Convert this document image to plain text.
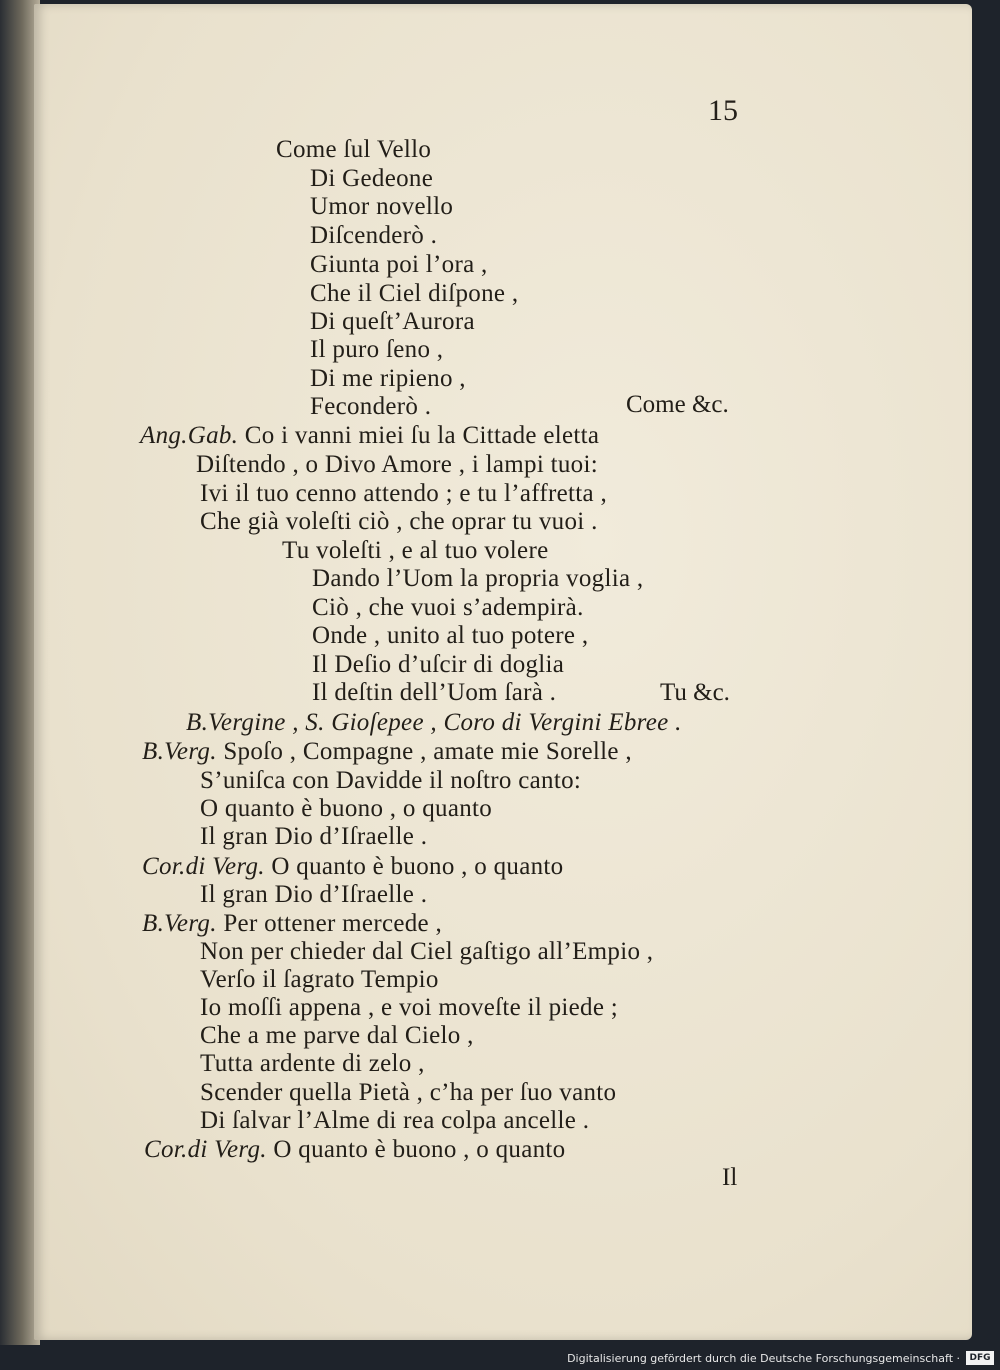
15
Come ſul Vello
Di Gedeone
Umor novello
Diſcenderò .
Giunta poi l’ora ,
Che il Ciel diſpone ,
Di queſt’Aurora
Il puro ſeno ,
Di me ripieno ,
Feconderò .	Come &c.
Ang.Gab. Co i vanni miei ſu la Cittade eletta
Diſtendo , o Divo Amore , i lampi tuoi:
Ivi il tuo cenno attendo ; e tu l’affretta ,
Che già voleſti ciò , che oprar tu vuoi .
Tu voleſti , e al tuo volere
Dando l’Uom la propria voglia ,
Ciò , che vuoi s’adempirà.
Onde , unito al tuo potere ,
Il Deſio d’uſcir di doglia
Il deſtin dell’Uom ſarà .	Tu &c.
B.Vergine , S. Gioſepee , Coro di Vergini Ebree .
B.Verg. Spoſo , Compagne , amate mie Sorelle ,
S’uniſca con Davidde il noſtro canto:
O quanto è buono , o quanto
Il gran Dio d’Iſraelle .
Cor.di Verg. O quanto è buono , o quanto
Il gran Dio d’Iſraelle .
B.Verg. Per ottener mercede ,
Non per chieder dal Ciel gaſtigo all’Empio ,
Verſo il ſagrato Tempio
Io moſſi appena , e voi moveſte il piede ;
Che a me parve dal Cielo ,
Tutta ardente di zelo ,
Scender quella Pietà , c’ha per ſuo vanto
Di ſalvar l’Alme di rea colpa ancelle .
Cor.di Verg. O quanto è buono , o quanto
Il
Digitalisierung gefördert durch die Deutsche Forschungsgemeinschaft ·	DFG
